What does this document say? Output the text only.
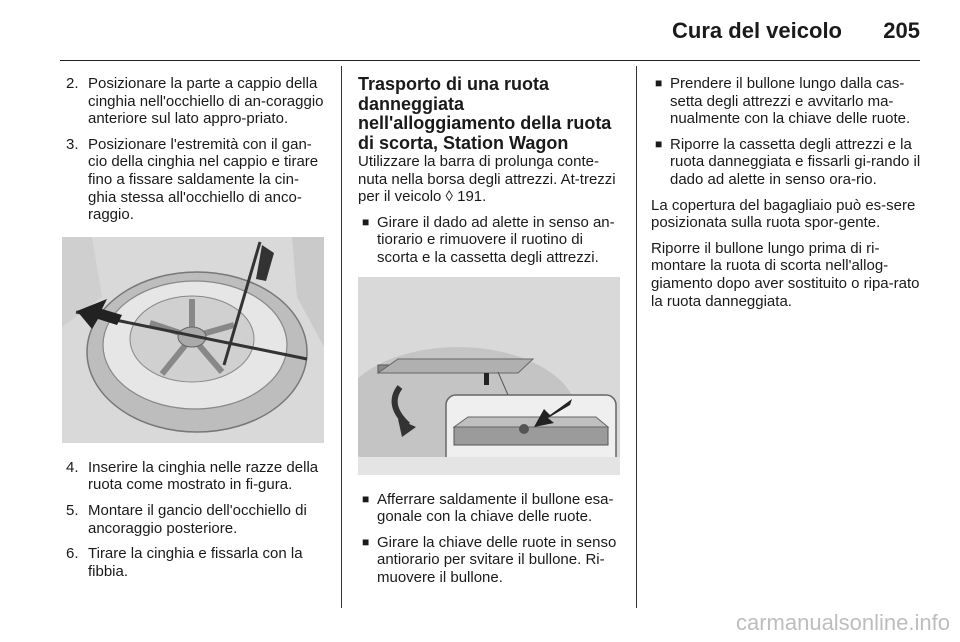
Cura del veicolo 205
2. Posizionare la parte a cappio della cinghia nell'occhiello di an-coraggio anteriore sul lato appro-priato.
3. Posizionare l'estremità con il gan-cio della cinghia nel cappio e tirare fino a fissare saldamente la cin-ghia stessa all'occhiello di anco-raggio.
4. Inserire la cinghia nelle razze della ruota come mostrato in fi-gura.
5. Montare il gancio dell'occhiello di ancoraggio posteriore.
6. Tirare la cinghia e fissarla con la fibbia.
Trasporto di una ruota danneggiata nell'alloggiamento della ruota di scorta, Station Wagon
Utilizzare la barra di prolunga conte-nuta nella borsa degli attrezzi. At-trezzi per il veicolo ◊ 191.
■ Girare il dado ad alette in senso an-tiorario e rimuovere il ruotino di scorta e la cassetta degli attrezzi.
■ Afferrare saldamente il bullone esa-gonale con la chiave delle ruote.
■ Girare la chiave delle ruote in senso antiorario per svitare il bullone. Ri-muovere il bullone.
■ Prendere il bullone lungo dalla cas-setta degli attrezzi e avvitarlo ma-nualmente con la chiave delle ruote.
■ Riporre la cassetta degli attrezzi e la ruota danneggiata e fissarli gi-rando il dado ad alette in senso ora-rio.
La copertura del bagagliaio può es-sere posizionata sulla ruota spor-gente.
Riporre il bullone lungo prima di ri-montare la ruota di scorta nell'allog-giamento dopo aver sostituito o ripa-rato la ruota danneggiata.
carmanualsonline.info
